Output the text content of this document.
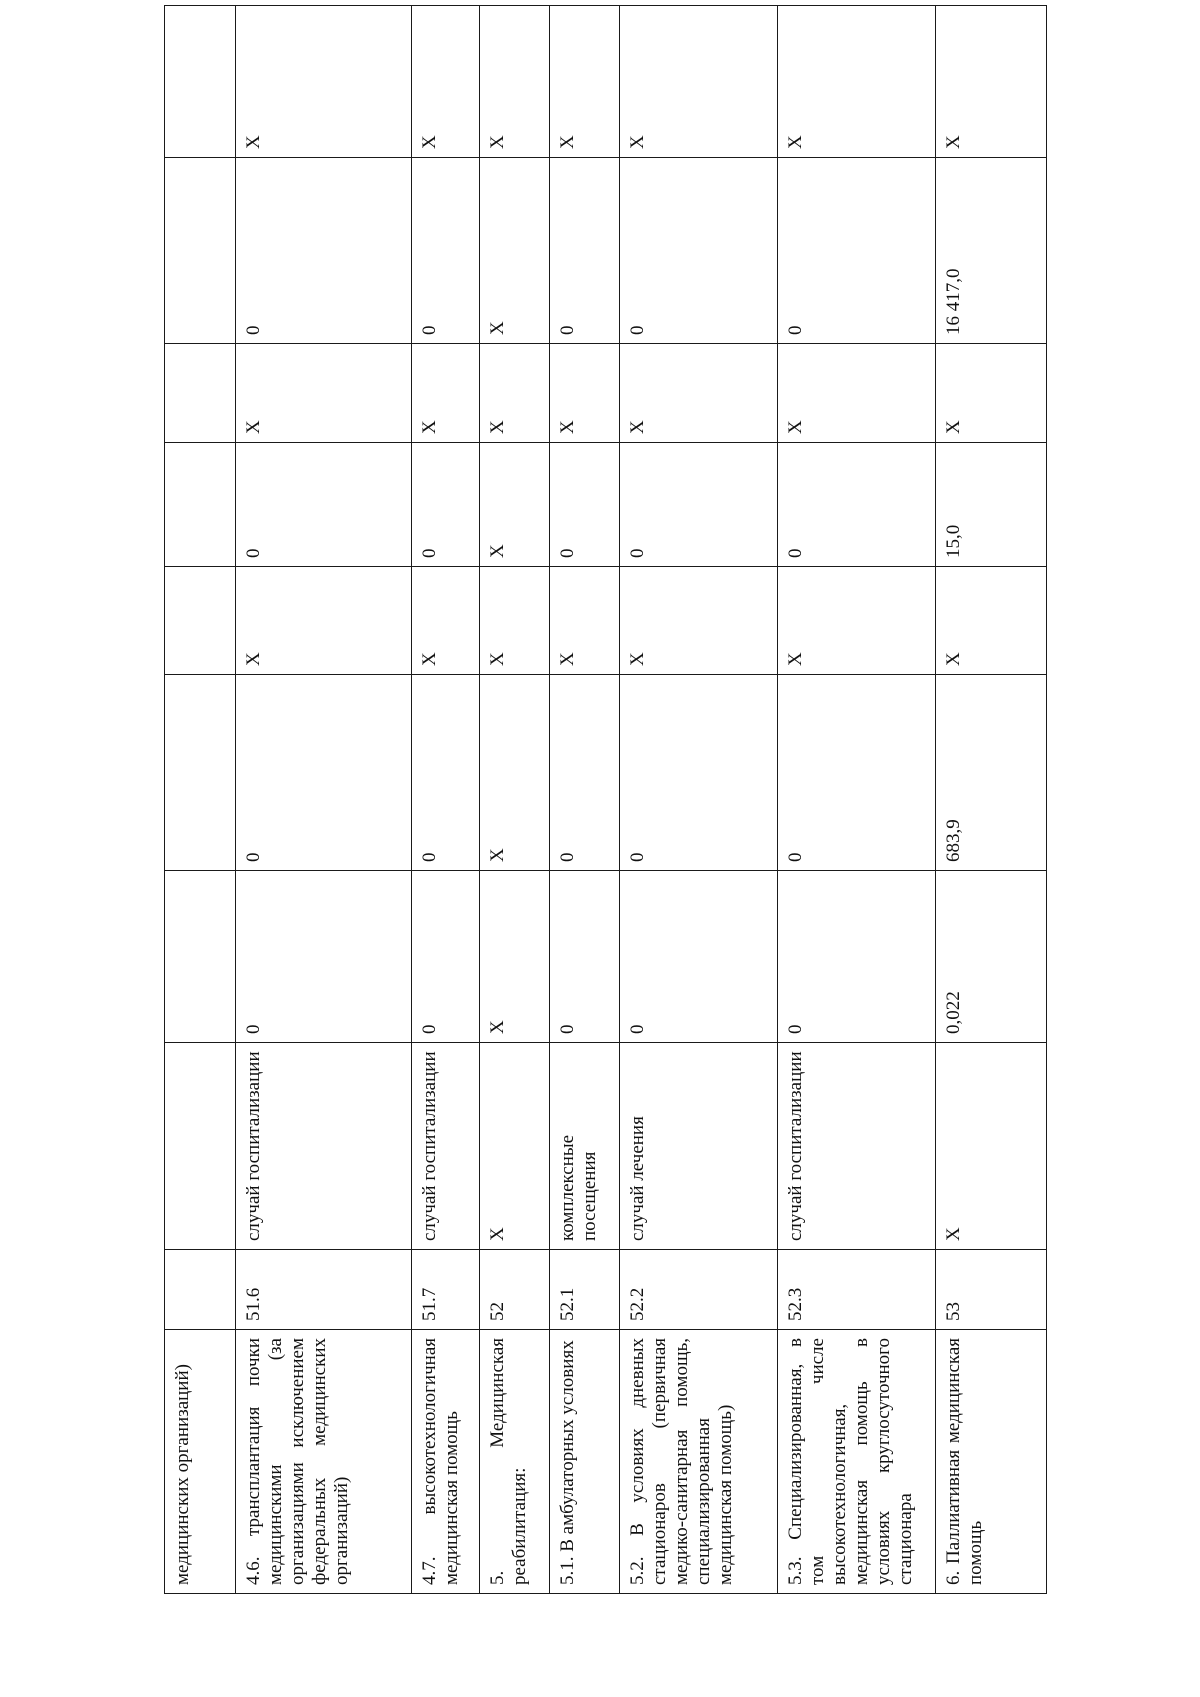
медицинских организаций)									
4.6. трансплантация почки медицинскими (за организациями исключением федеральных медицинских организаций)	51.6	случай госпитализации	0	0	X	0	X	0	X
4.7. высокотехнологичная медицинская помощь	51.7	случай госпитализации	0	0	X	0	X	0	X
5. Медицинская реабилитация:	52	X	X	X	X	X	X	X	X
5.1. В амбулаторных условиях	52.1	комплексные посещения	0	0	X	0	X	0	X
5.2. В условиях дневных стационаров (первичная медико-санитарная помощь, специализированная медицинская помощь)	52.2	случай лечения	0	0	X	0	X	0	X
5.3. Специализированная, в том числе высокотехнологичная, медицинская помощь в условиях круглосуточного стационара	52.3	случай госпитализации	0	0	X	0	X	0	X
6. Паллиативная медицинская помощь	53	X	0,022	683,9	X	15,0	X	16 417,0	X
